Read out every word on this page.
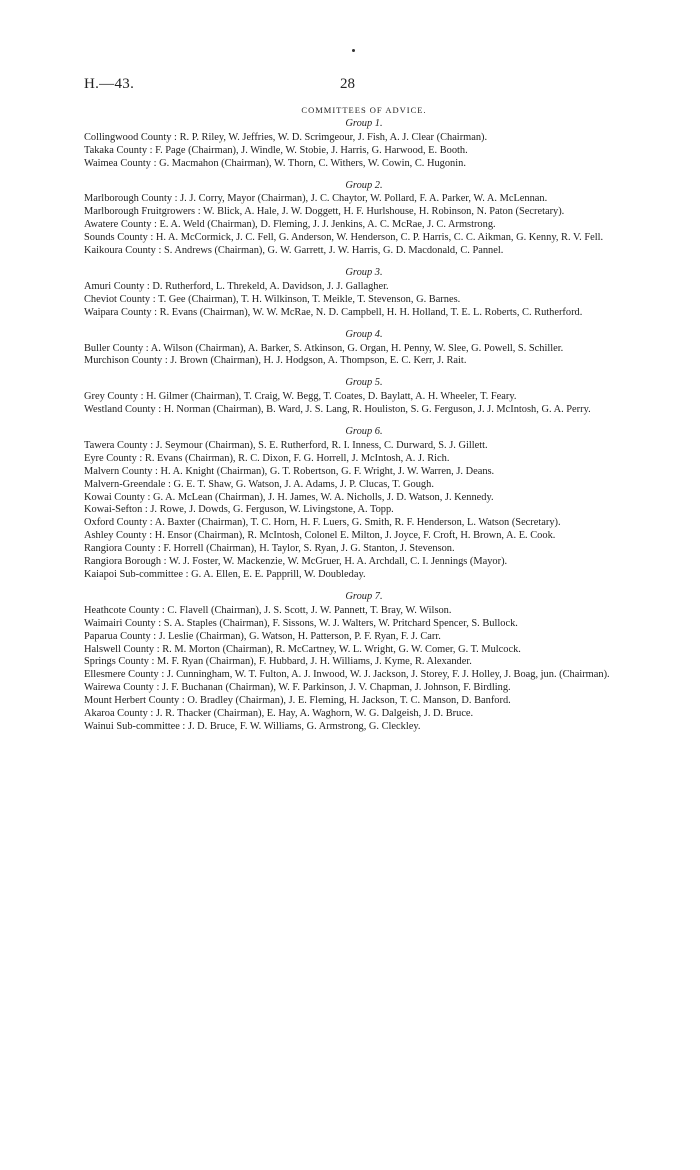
H.—43.	28
COMMITTEES OF ADVICE.
Group 1.

Collingwood County : R. P. Riley, W. Jeffries, W. D. Scrimgeour, J. Fish, A. J. Clear (Chairman).

Takaka County : F. Page (Chairman), J. Windle, W. Stobie, J. Harris, G. Harwood, E. Booth.

Waimea County : G. Macmahon (Chairman), W. Thorn, C. Withers, W. Cowin, C. Hugonin.

Group 2.

Marlborough County : J. J. Corry, Mayor (Chairman), J. C. Chaytor, W. Pollard, F. A. Parker, W. A. McLennan.

Marlborough Fruitgrowers : W. Blick, A. Hale, J. W. Doggett, H. F. Hurlshouse, H. Robinson, N. Paton (Secretary).

Awatere County : E. A. Weld (Chairman), D. Fleming, J. J. Jenkins, A. C. McRae, J. C. Armstrong.

Sounds County : H. A. McCormick, J. C. Fell, G. Anderson, W. Henderson, C. P. Harris, C. C. Aikman, G. Kenny, R. V. Fell.

Kaikoura County : S. Andrews (Chairman), G. W. Garrett, J. W. Harris, G. D. Macdonald, C. Pannel.

Group 3.

Amuri County : D. Rutherford, L. Threkeld, A. Davidson, J. J. Gallagher.

Cheviot County : T. Gee (Chairman), T. H. Wilkinson, T. Meikle, T. Stevenson, G. Barnes.

Waipara County : R. Evans (Chairman), W. W. McRae, N. D. Campbell, H. H. Holland, T. E. L. Roberts, C. Rutherford.

Group 4.

Buller County : A. Wilson (Chairman), A. Barker, S. Atkinson, G. Organ, H. Penny, W. Slee, G. Powell, S. Schiller.

Murchison County : J. Brown (Chairman), H. J. Hodgson, A. Thompson, E. C. Kerr, J. Rait.

Group 5.

Grey County : H. Gilmer (Chairman), T. Craig, W. Begg, T. Coates, D. Baylatt, A. H. Wheeler, T. Feary.

Westland County : H. Norman (Chairman), B. Ward, J. S. Lang, R. Houliston, S. G. Ferguson, J. J. McIntosh, G. A. Perry.

Group 6.

Tawera County : J. Seymour (Chairman), S. E. Rutherford, R. I. Inness, C. Durward, S. J. Gillett.

Eyre County : R. Evans (Chairman), R. C. Dixon, F. G. Horrell, J. McIntosh, A. J. Rich.

Malvern County : H. A. Knight (Chairman), G. T. Robertson, G. F. Wright, J. W. Warren, J. Deans.

Malvern-Greendale : G. E. T. Shaw, G. Watson, J. A. Adams, J. P. Clucas, T. Gough.

Kowai County : G. A. McLean (Chairman), J. H. James, W. A. Nicholls, J. D. Watson, J. Kennedy.

Kowai-Sefton : J. Rowe, J. Dowds, G. Ferguson, W. Livingstone, A. Topp.

Oxford County : A. Baxter (Chairman), T. C. Horn, H. F. Luers, G. Smith, R. F. Henderson, L. Watson (Secretary).

Ashley County : H. Ensor (Chairman), R. McIntosh, Colonel E. Milton, J. Joyce, F. Croft, H. Brown, A. E. Cook.

Rangiora County : F. Horrell (Chairman), H. Taylor, S. Ryan, J. G. Stanton, J. Stevenson.

Rangiora Borough : W. J. Foster, W. Mackenzie, W. McGruer, H. A. Archdall, C. I. Jennings (Mayor).

Kaiapoi Sub-committee : G. A. Ellen, E. E. Papprill, W. Doubleday.

Group 7.

Heathcote County : C. Flavell (Chairman), J. S. Scott, J. W. Pannett, T. Bray, W. Wilson.

Waimairi County : S. A. Staples (Chairman), F. Sissons, W. J. Walters, W. Pritchard Spencer, S. Bullock.

Paparua County : J. Leslie (Chairman), G. Watson, H. Patterson, P. F. Ryan, F. J. Carr.

Halswell County : R. M. Morton (Chairman), R. McCartney, W. L. Wright, G. W. Comer, G. T. Mulcock.

Springs County : M. F. Ryan (Chairman), F. Hubbard, J. H. Williams, J. Kyme, R. Alexander.

Ellesmere County : J. Cunningham, W. T. Fulton, A. J. Inwood, W. J. Jackson, J. Storey, F. J. Holley, J. Boag, jun. (Chairman).

Wairewa County : J. F. Buchanan (Chairman), W. F. Parkinson, J. V. Chapman, J. Johnson, F. Birdling.

Mount Herbert County : O. Bradley (Chairman), J. E. Fleming, H. Jackson, T. C. Manson, D. Banford.

Akaroa County : J. R. Thacker (Chairman), E. Hay, A. Waghorn, W. G. Dalgeish, J. D. Bruce.

Wainui Sub-committee : J. D. Bruce, F. W. Williams, G. Armstrong, G. Cleckley.
